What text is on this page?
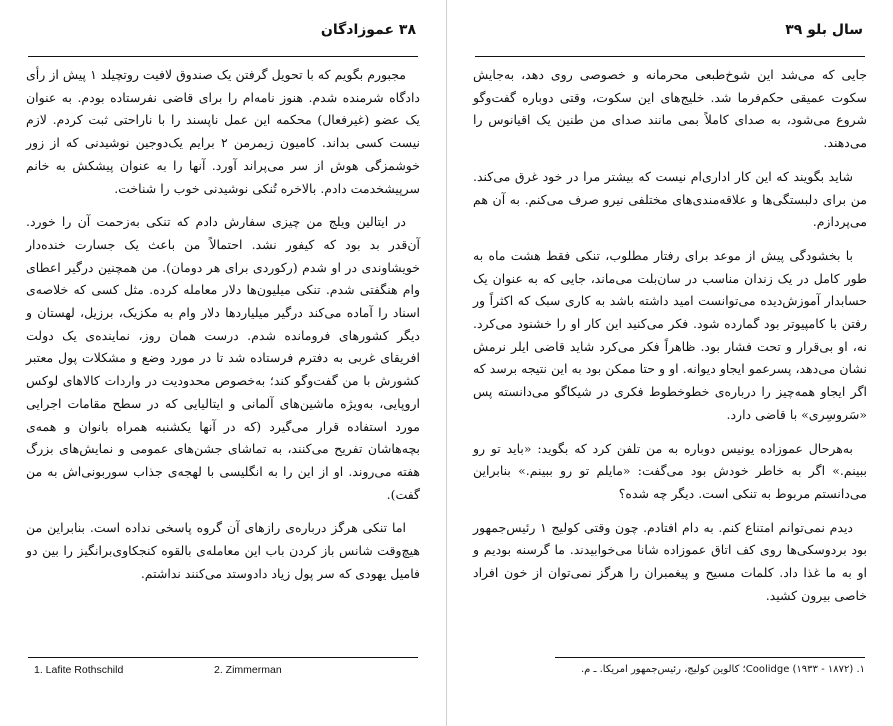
۳۸ عموزادگان

مجبورم بگویم که با تحویل گرفتن یک صندوق لافیت روتچیلد ۱ پیش از رأی دادگاه شرمنده شدم. هنوز نامه‌ام را برای قاضی نفرستاده بودم. به عنوان یک عضو (غیرفعال) محکمه این عمل ناپسند را با ناراحتی ثبت کردم. لازم نیست کسی بداند. کامیون زیمرمن ۲ برایم یک‌دوجین نوشیدنی که از زور خوشمزگی هوش از سر می‌پراند آورد. آنها را به عنوان پیشکش به خانم سرپیشخدمت دادم. بالاخره تُنکی نوشیدنی خوب را شناخت.

در ایتالین ویلج من چیزی سفارش دادم که تنکی به‌زحمت آن را خورد. آن‌قدر بد بود که کیفور نشد. احتمالاً من باعث یک جسارت خنده‌دار خویشاوندی در او شدم (رکوردی برای هر دومان). من همچنین درگیر اعطای وام هنگفتی شدم. تنکی میلیون‌ها دلار معامله کرده. مثل کسی که خلاصه‌ی اسناد را آماده می‌کند درگیر میلیاردها دلار وام به مکزیک، برزیل، لهستان و دیگر کشورهای فرومانده شدم. درست همان روز، نماینده‌ی یک دولت افریقای غربی به دفترم فرستاده شد تا در مورد وضع و مشکلات پول معتبر کشورش با من گفت‌وگو کند؛ به‌خصوص محدودیت در واردات کالاهای لوکس اروپایی، به‌ویژه ماشین‌های آلمانی و ایتالیایی که در سطح مقامات اجرایی مورد استفاده قرار می‌گیرد (که در آنها یکشنبه همراه بانوان و همه‌ی بچه‌هاشان تفریح می‌کنند، به تماشای جشن‌های عمومی و نمایش‌های بزرگ هفته می‌روند. او از این را به انگلیسی با لهجه‌ی جذاب سوربونی‌اش به من گفت).

اما تنکی هرگز درباره‌ی رازهای آن گروه پاسخی نداده است. بنابراین من هیچ‌وقت شانس باز کردن باب این معامله‌ی بالقوه کنجکاوی‌برانگیز را بین دو فامیل یهودی که سر پول زیاد دادوستد می‌کنند نداشتم.

1. Lafite Rothschild	2. Zimmerman
سال بلو ۳۹

جایی که می‌شد این شوخ‌طبعی محرمانه و خصوصی روی دهد، به‌جایش سکوت عمیقی حکم‌فرما شد. خلیج‌های این سکوت، وقتی دوباره گفت‌وگو شروع می‌شود، به صدای کاملاً بمی مانند صدای من طنین یک اقیانوس را می‌دهند.

شاید بگویند که این کار اداری‌ام نیست که بیشتر مرا در خود غرق می‌کند. من برای دلبستگی‌ها و علاقه‌مندی‌های مختلفی نیرو صرف می‌کنم. به آن هم می‌پردازم.

با بخشودگی پیش از موعد برای رفتار مطلوب، تنکی فقط هشت ماه به طور کامل در یک زندان مناسب در سان‌بلت می‌ماند، جایی که به عنوان یک حسابدار آموزش‌دیده می‌توانست امید داشته باشد به کاری سبک که اکثراً ور رفتن با کامپیوتر بود گمارده شود. فکر می‌کنید این کار او را خشنود می‌کرد. نه، او بی‌قرار و تحت فشار بود. ظاهراً فکر می‌کرد شاید قاضی ایلر نرمش نشان می‌دهد، پسرعمو ایجاو دیوانه. او و حتا ممکن بود به این نتیجه برسد که اگر ایجاو همه‌چیز را درباره‌ی خطوخطوط فکری در شیکاگو می‌دانسته پس «سَروسِری» با قاضی دارد.

به‌هرحال عموزاده یونیس دوباره به من تلفن کرد که بگوید: «باید تو رو ببینم.» اگر به خاطر خودش بود می‌گفت: «مایلم تو رو ببینم.» بنابراین می‌دانستم مربوط به تنکی است. دیگر چه شده؟

دیدم نمی‌توانم امتناع کنم. به دام افتادم. چون وقتی کولیج ۱ رئیس‌جمهور بود بردوسکی‌ها روی کف اتاق عموزاده شانا می‌خوابیدند. ما گرسنه بودیم و او به ما غذا داد. کلمات مسیح و پیغمبران را هرگز نمی‌توان از خون افراد خاصی بیرون کشید.

۱. Coolidge (۱۹۳۳ - ۱۸۷۲)؛ کالوین کولیج، رئیس‌جمهور امریکا. ـ م.
